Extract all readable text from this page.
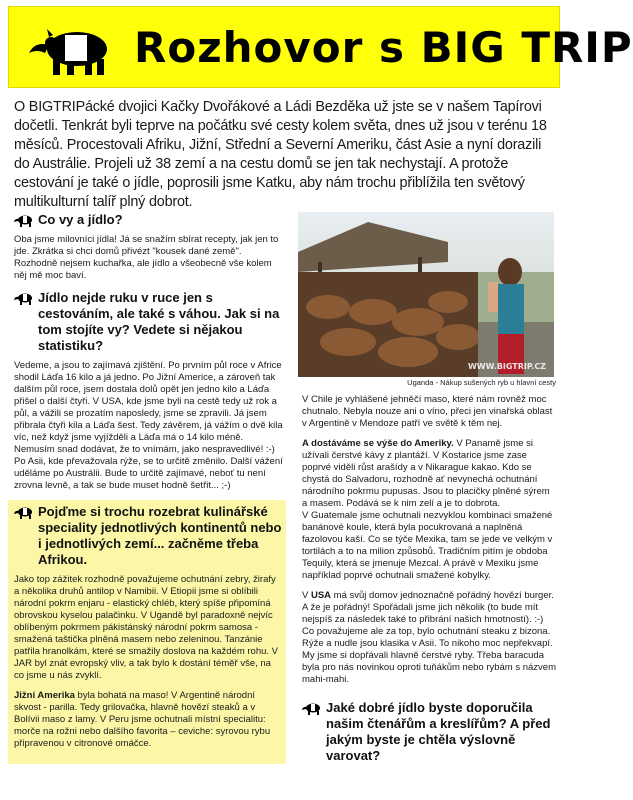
Rozhovor s BIG TRIP
O BIGTRIPácké dvojici Kačky Dvořákové a Ládi Bezděka už jste se v našem Tapírovi dočetli. Tenkrát byli teprve na počátku své cesty kolem světa, dnes už jsou v terénu 18 měsíců. Procestovali Afriku, Jižní, Střední a Severní Ameriku, část Asie a nyní dorazili do Austrálie. Projeli už 38 zemí a na cestu domů se jen tak nechystají. A protože cestování je také o jídle, poprosili jsme Katku, aby nám trochu přiblížila ten světový multikulturní talíř plný dobrot.
Co vy a jídlo?
Oba jsme milovníci jídla! Já se snažím sbírat recepty, jak jen to jde. Zkrátka si chci domů přivézt "kousek dané země". Rozhodně nejsem kuchařka, ale jídlo a všeobecně vše kolem něj mě moc baví.
Jídlo nejde ruku v ruce jen s cestováním, ale také s váhou. Jak si na tom stojíte vy? Vedete si nějakou statistiku?
Vedeme, a jsou to zajímavá zjištění. Po prvním půl roce v Africe shodil Láďa 16 kilo a já jedno. Po Jižní Americe, a zároveň tak dalším půl roce, jsem dostala dolů opět jen jedno kilo a Láďa přišel o další čtyři. V USA, kde jsme byli na cestě tedy už rok a půl, a vážili se prozatím naposledy, jsme se zpravili. Já jsem přibrala čtyři kila a Láďa šest. Tedy závěrem, já vážím o dvě kila víc, než když jsme vyjížděli a Láďa má o 14 kilo méně. Nemusím snad dodávat, že to vnímám, jako nespravedlivé! :-) Po Asii, kde převažovala rýže, se to určitě změnilo. Další vážení uděláme po Austrálii. Bude to určitě zajímavé, neboť tu není zrovna levně, a tak se bude muset hodně šetřit... ;-)
Pojďme si trochu rozebrat kulinářské speciality jednotlivých kontinentů nebo i jednotlivých zemí... začněme třeba Afrikou.
Jako top zážitek rozhodně považujeme ochutnání zebry, žirafy a několika druhů antilop v Namibii. V Etiopii jsme si oblíbili národní pokrm enjaru - elastický chléb, který spíše připomíná obrovskou kyselou palačinku. V Ugandě byl paradoxně nejvíc oblíbeným pokrmem pákistánský národní pokrm samosa - smažená taštička plněná masem nebo zeleninou. Tanzánie patřila hranolkám, které se smažily doslova na každém rohu. V JAR byl znát evropský vliv, a tak bylo k dostání téměř vše, na co jsme u nás zvyklí.
Jižní Amerika byla bohatá na maso! V Argentině národní skvost - parilla. Tedy grilovačka, hlavně hovězí steaků a v Bolívii maso z lamy. V Peru jsme ochutnali místní specialitu: morče na rožni nebo dalšího favorita – ceviche: syrovou rybu připravenou v citronové omáčce.
WWW.BIGTRIP.CZ
Uganda - Nákup sušených ryb u hlavní cesty
V Chile je vyhlášené jehněčí maso, které nám rovněž moc chutnalo. Nebyla nouze ani o víno, přeci jen vinařská oblast v Argentině v Mendoze patří ve světě k těm nej.
A dostáváme se výše do Ameriky. V Panamě jsme si užívali čerstvé kávy z plantáží. V Kostarice jsme zase poprvé viděli růst arašídy a v Nikarague kakao. Kdo se chystá do Salvadoru, rozhodně ať nevynechá ochutnání národního pokrmu pupusas. Jsou to placičky plněné sýrem a masem. Podává se k nim zelí a je to dobrota.
V Guatemale jsme ochutnali nezvyklou kombinaci smažené banánové koule, která byla pocukrovaná a naplněná fazolovou kaší. Co se týče Mexika, tam se jede ve velkým v tortilách a to na milion způsobů. Tradičním pitím je obdoba Tequily, která se jmenuje Mezcal. A právě v Mexiku jsme například poprvé ochutnali smažené kobylky.
V USA má svůj domov jednoznačně pořádný hovězí burger. A že je pořádný! Spořádali jsme jich několik (to bude mít nejspíš za následek také to přibrání našich hmotností). :-) Co považujeme ale za top, bylo ochutnání steaku z bizona. Rýže a nudle jsou klasika v Asii. To nikoho moc nepřekvapí. My jsme si dopřávali hlavně čerstvé ryby. Třeba baracuda byla pro nás novinkou oproti tuňákům nebo rybám s názvem mahi-mahi.
Jaké dobré jídlo byste doporučila našim čtenářům a kreslířům? A před jakým byste je chtěla výslovně varovat?
